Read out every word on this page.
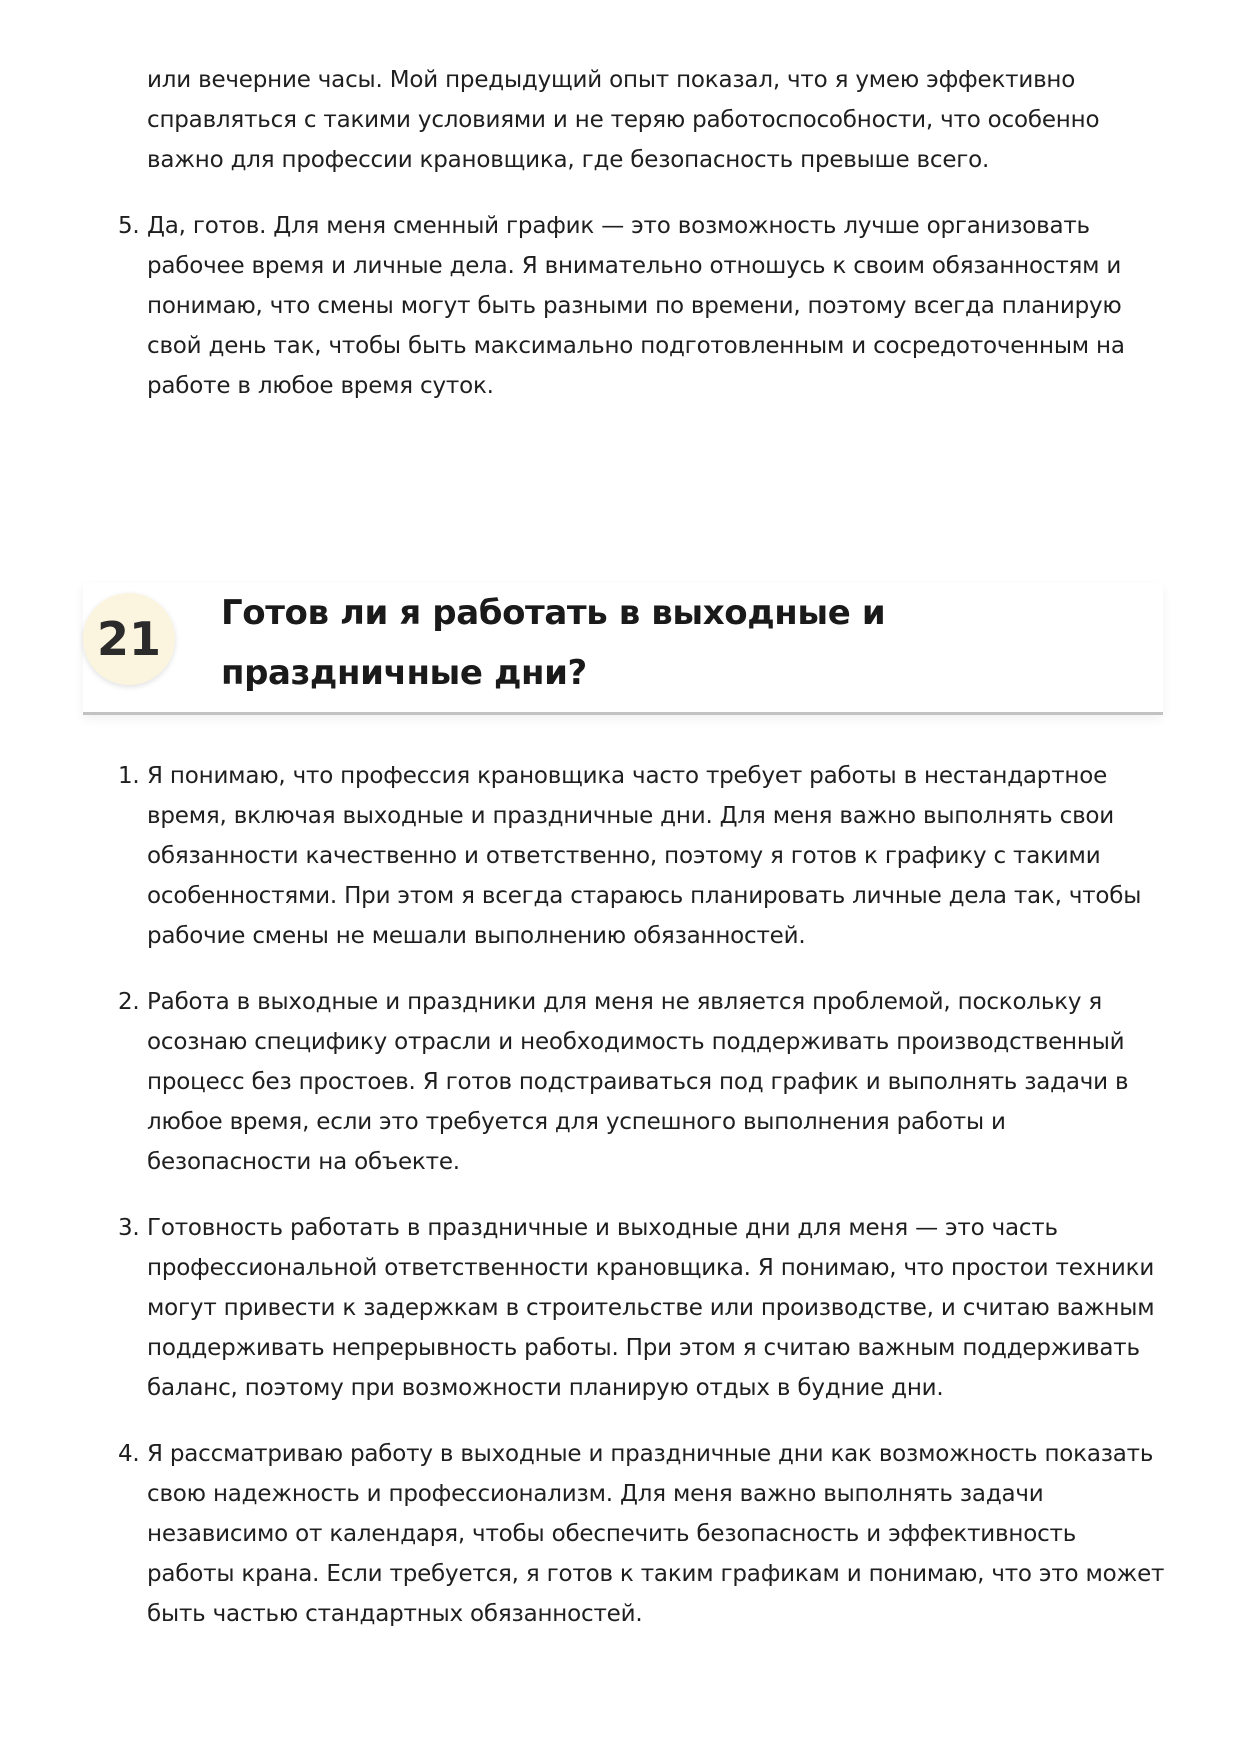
или вечерние часы. Мой предыдущий опыт показал, что я умею эффективно справляться с такими условиями и не теряю работоспособности, что особенно важно для профессии крановщика, где безопасность превыше всего.

5. Да, готов. Для меня сменный график — это возможность лучше организовать рабочее время и личные дела. Я внимательно отношусь к своим обязанностям и понимаю, что смены могут быть разными по времени, поэтому всегда планирую свой день так, чтобы быть максимально подготовленным и сосредоточенным на работе в любое время суток.
21	Готов ли я работать в выходные и праздничные дни?
1. Я понимаю, что профессия крановщика часто требует работы в нестандартное время, включая выходные и праздничные дни. Для меня важно выполнять свои обязанности качественно и ответственно, поэтому я готов к графику с такими особенностями. При этом я всегда стараюсь планировать личные дела так, чтобы рабочие смены не мешали выполнению обязанностей.
2. Работа в выходные и праздники для меня не является проблемой, поскольку я осознаю специфику отрасли и необходимость поддерживать производственный процесс без простоев. Я готов подстраиваться под график и выполнять задачи в любое время, если это требуется для успешного выполнения работы и безопасности на объекте.
3. Готовность работать в праздничные и выходные дни для меня — это часть профессиональной ответственности крановщика. Я понимаю, что простои техники могут привести к задержкам в строительстве или производстве, и считаю важным поддерживать непрерывность работы. При этом я считаю важным поддерживать баланс, поэтому при возможности планирую отдых в будние дни.
4. Я рассматриваю работу в выходные и праздничные дни как возможность показать свою надежность и профессионализм. Для меня важно выполнять задачи независимо от календаря, чтобы обеспечить безопасность и эффективность работы крана. Если требуется, я готов к таким графикам и понимаю, что это может быть частью стандартных обязанностей.
